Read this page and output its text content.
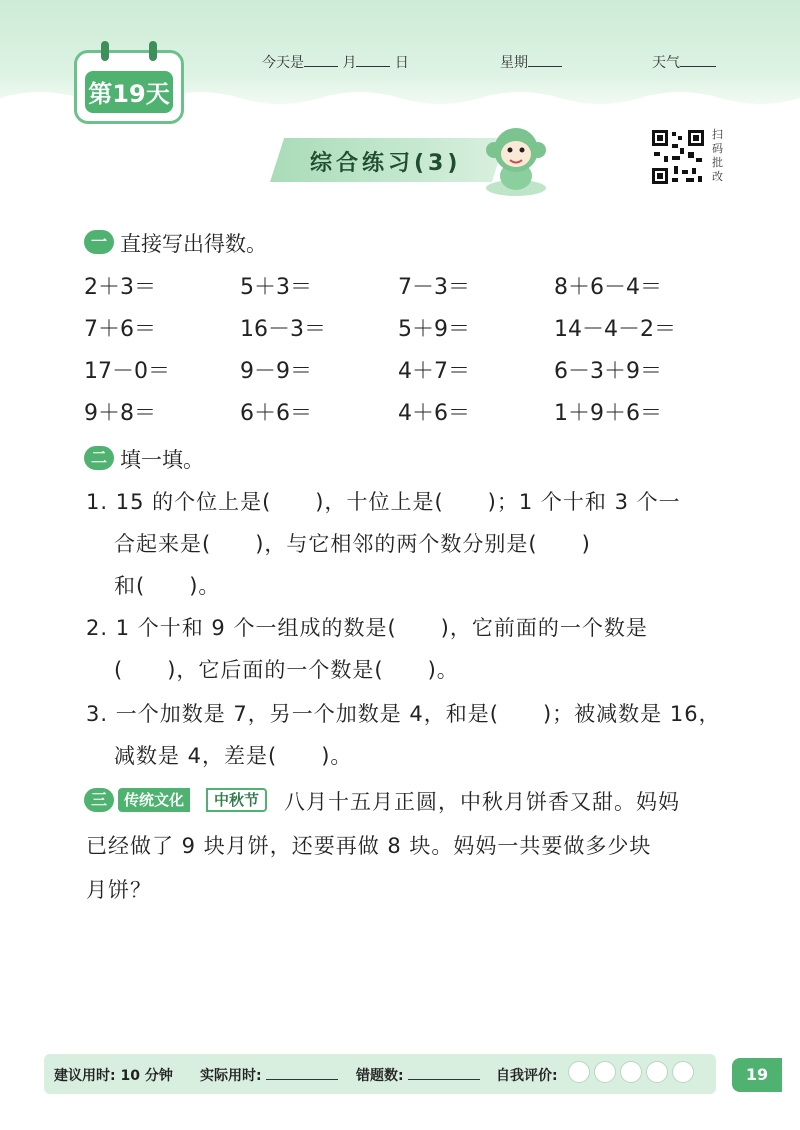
第19天
今天是	月	日	星期	天气
综合练习(3)
扫
码
批
改
一 直接写出得数。
2＋3＝	5＋3＝	7－3＝	8＋6－4＝
7＋6＝	16－3＝	5＋9＝	14－4－2＝
17－0＝	9－9＝	4＋7＝	6－3＋9＝
9＋8＝	6＋6＝	4＋6＝	1＋9＋6＝
二 填一填。
1. 15 的个位上是(　　)，十位上是(　　)；1 个十和 3 个一
合起来是(　　)，与它相邻的两个数分别是(　　)
和(　　)。
2. 1 个十和 9 个一组成的数是(　　)，它前面的一个数是
(　　)，它后面的一个数是(　　)。
3. 一个加数是 7，另一个加数是 4，和是(　　)；被减数是 16，
减数是 4，差是(　　)。
三	传统文化	中秋节	八月十五月正圆，中秋月饼香又甜。妈妈
已经做了 9 块月饼，还要再做 8 块。妈妈一共要做多少块
月饼？
建议用时: 10 分钟 实际用时:	错题数:	自我评价:	19
